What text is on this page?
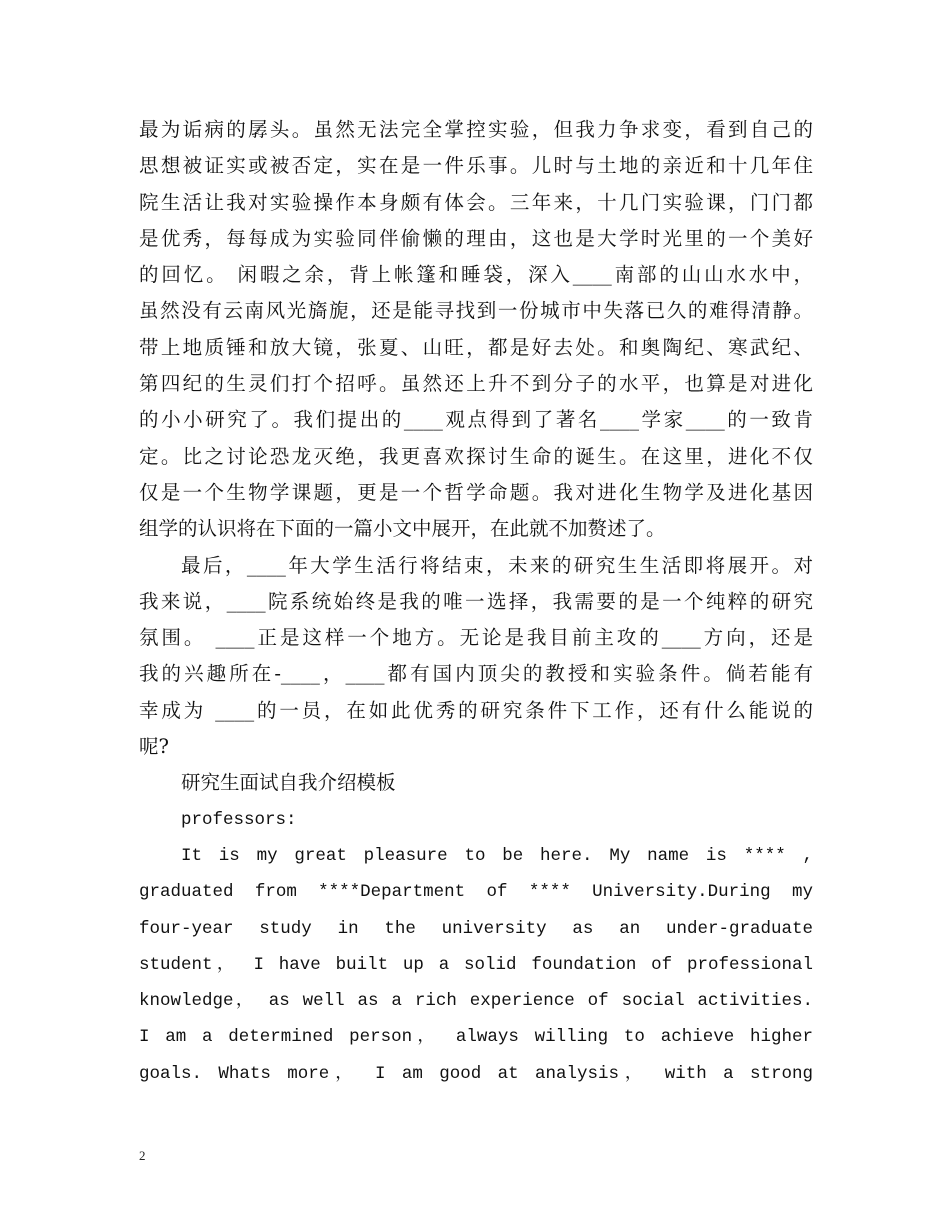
最为诟病的孱头。虽然无法完全掌控实验，但我力争求变，看到自己的
思想被证实或被否定，实在是一件乐事。儿时与土地的亲近和十几年住
院生活让我对实验操作本身颇有体会。三年来，十几门实验课，门门都
是优秀，每每成为实验同伴偷懒的理由，这也是大学时光里的一个美好
的回忆。 闲暇之余，背上帐篷和睡袋，深入____南部的山山水水中，
虽然没有云南风光旖旎，还是能寻找到一份城市中失落已久的难得清静。
带上地质锤和放大镜，张夏、山旺，都是好去处。和奥陶纪、寒武纪、
第四纪的生灵们打个招呼。虽然还上升不到分子的水平，也算是对进化
的小小研究了。我们提出的____观点得到了著名____学家____的一致肯
定。比之讨论恐龙灭绝，我更喜欢探讨生命的诞生。在这里，进化不仅
仅是一个生物学课题，更是一个哲学命题。我对进化生物学及进化基因
组学的认识将在下面的一篇小文中展开，在此就不加赘述了。
最后，____年大学生活行将结束，未来的研究生生活即将展开。对
我来说，____院系统始终是我的唯一选择，我需要的是一个纯粹的研究
氛围。 ____正是这样一个地方。无论是我目前主攻的____方向，还是
我的兴趣所在-____，____都有国内顶尖的教授和实验条件。倘若能有
幸成为 ____的一员，在如此优秀的研究条件下工作，还有什么能说的
呢?
研究生面试自我介绍模板
professors:
It is my great pleasure to be here. My name is **** ,
graduated from ****Department of **** University.During my
four-year study in the university as an under-graduate
student， I have built up a solid foundation of professional
knowledge， as well as a rich experience of social activities.
I am a determined person， always willing to achieve higher
goals. Whats more， I am good at analysis， with a strong
2
